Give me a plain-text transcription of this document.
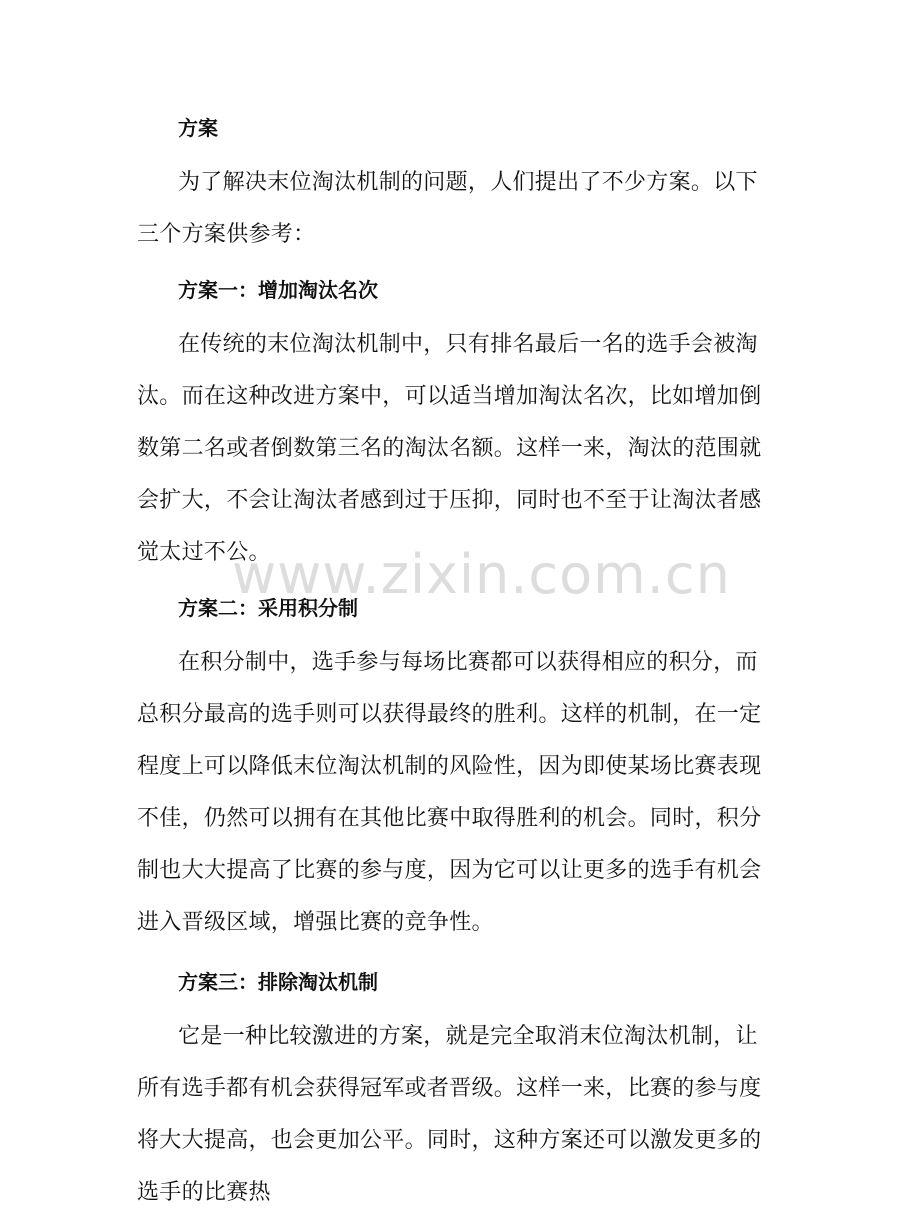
方案

为了解决末位淘汰机制的问题，人们提出了不少方案。以下三个方案供参考：

方案一：增加淘汰名次

在传统的末位淘汰机制中，只有排名最后一名的选手会被淘汰。而在这种改进方案中，可以适当增加淘汰名次，比如增加倒数第二名或者倒数第三名的淘汰名额。这样一来，淘汰的范围就会扩大，不会让淘汰者感到过于压抑，同时也不至于让淘汰者感觉太过不公。

方案二：采用积分制

在积分制中，选手参与每场比赛都可以获得相应的积分，而总积分最高的选手则可以获得最终的胜利。这样的机制，在一定程度上可以降低末位淘汰机制的风险性，因为即使某场比赛表现不佳，仍然可以拥有在其他比赛中取得胜利的机会。同时，积分制也大大提高了比赛的参与度，因为它可以让更多的选手有机会进入晋级区域，增强比赛的竞争性。

方案三：排除淘汰机制

它是一种比较激进的方案，就是完全取消末位淘汰机制，让所有选手都有机会获得冠军或者晋级。这样一来，比赛的参与度将大大提高，也会更加公平。同时，这种方案还可以激发更多的选手的比赛热

www.zixin.com.cn
